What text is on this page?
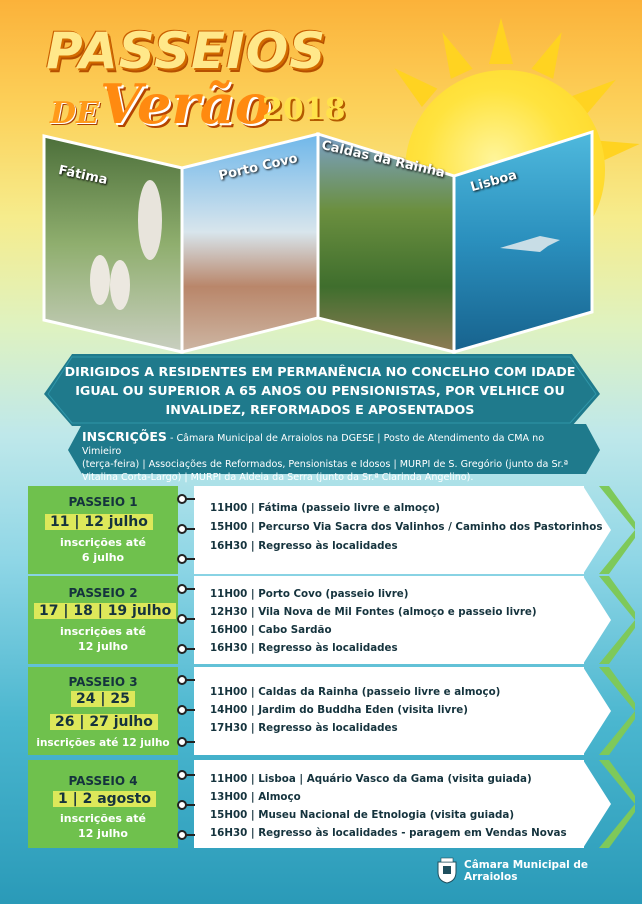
PASSEIOS
DE Verão
2018
Fátima	Porto Covo Caldas da Rainha
Lisboa
DIRIGIDOS A RESIDENTES EM PERMANÊNCIA NO CONCELHO COM IDADE
IGUAL OU SUPERIOR A 65 ANOS OU PENSIONISTAS, POR VELHICE OU
INVALIDEZ, REFORMADOS E APOSENTADOS
INSCRIÇÕES - Câmara Municipal de Arraiolos na DGESE | Posto de Atendimento da CMA no Vimieiro
(terça-feira) | Associações de Reformados, Pensionistas e Idosos | MURPI de S. Gregório (junto da Sr.ª
Vitalina Corta-Largo) | MURPI da Aldeia da Serra (junto da Sr.ª Clarinda Angelino).
PASSEIO 1
11 | 12 julho
inscrições até
6 julho
11H00 | Fátima (passeio livre e almoço)
15H00 | Percurso Via Sacra dos Valinhos / Caminho dos Pastorinhos
16H30 | Regresso às localidades
PASSEIO 2
17 | 18 | 19 julho
inscrições até
12 julho
11H00 | Porto Covo (passeio livre)
12H30 | Vila Nova de Mil Fontes (almoço e passeio livre)
16H00 | Cabo Sardão
16H30 | Regresso às localidades
PASSEIO 3
24 | 25
26 | 27 julho
inscrições até 12 julho
11H00 | Caldas da Rainha (passeio livre e almoço)
14H00 | Jardim do Buddha Eden (visita livre)
17H30 | Regresso às localidades
PASSEIO 4
1 | 2 agosto
inscrições até
12 julho
11H00 | Lisboa | Aquário Vasco da Gama (visita guiada)
13H00 | Almoço
15H00 | Museu Nacional de Etnologia (visita guiada)
16H30 | Regresso às localidades - paragem em Vendas Novas
Câmara Municipal de Arraiolos
